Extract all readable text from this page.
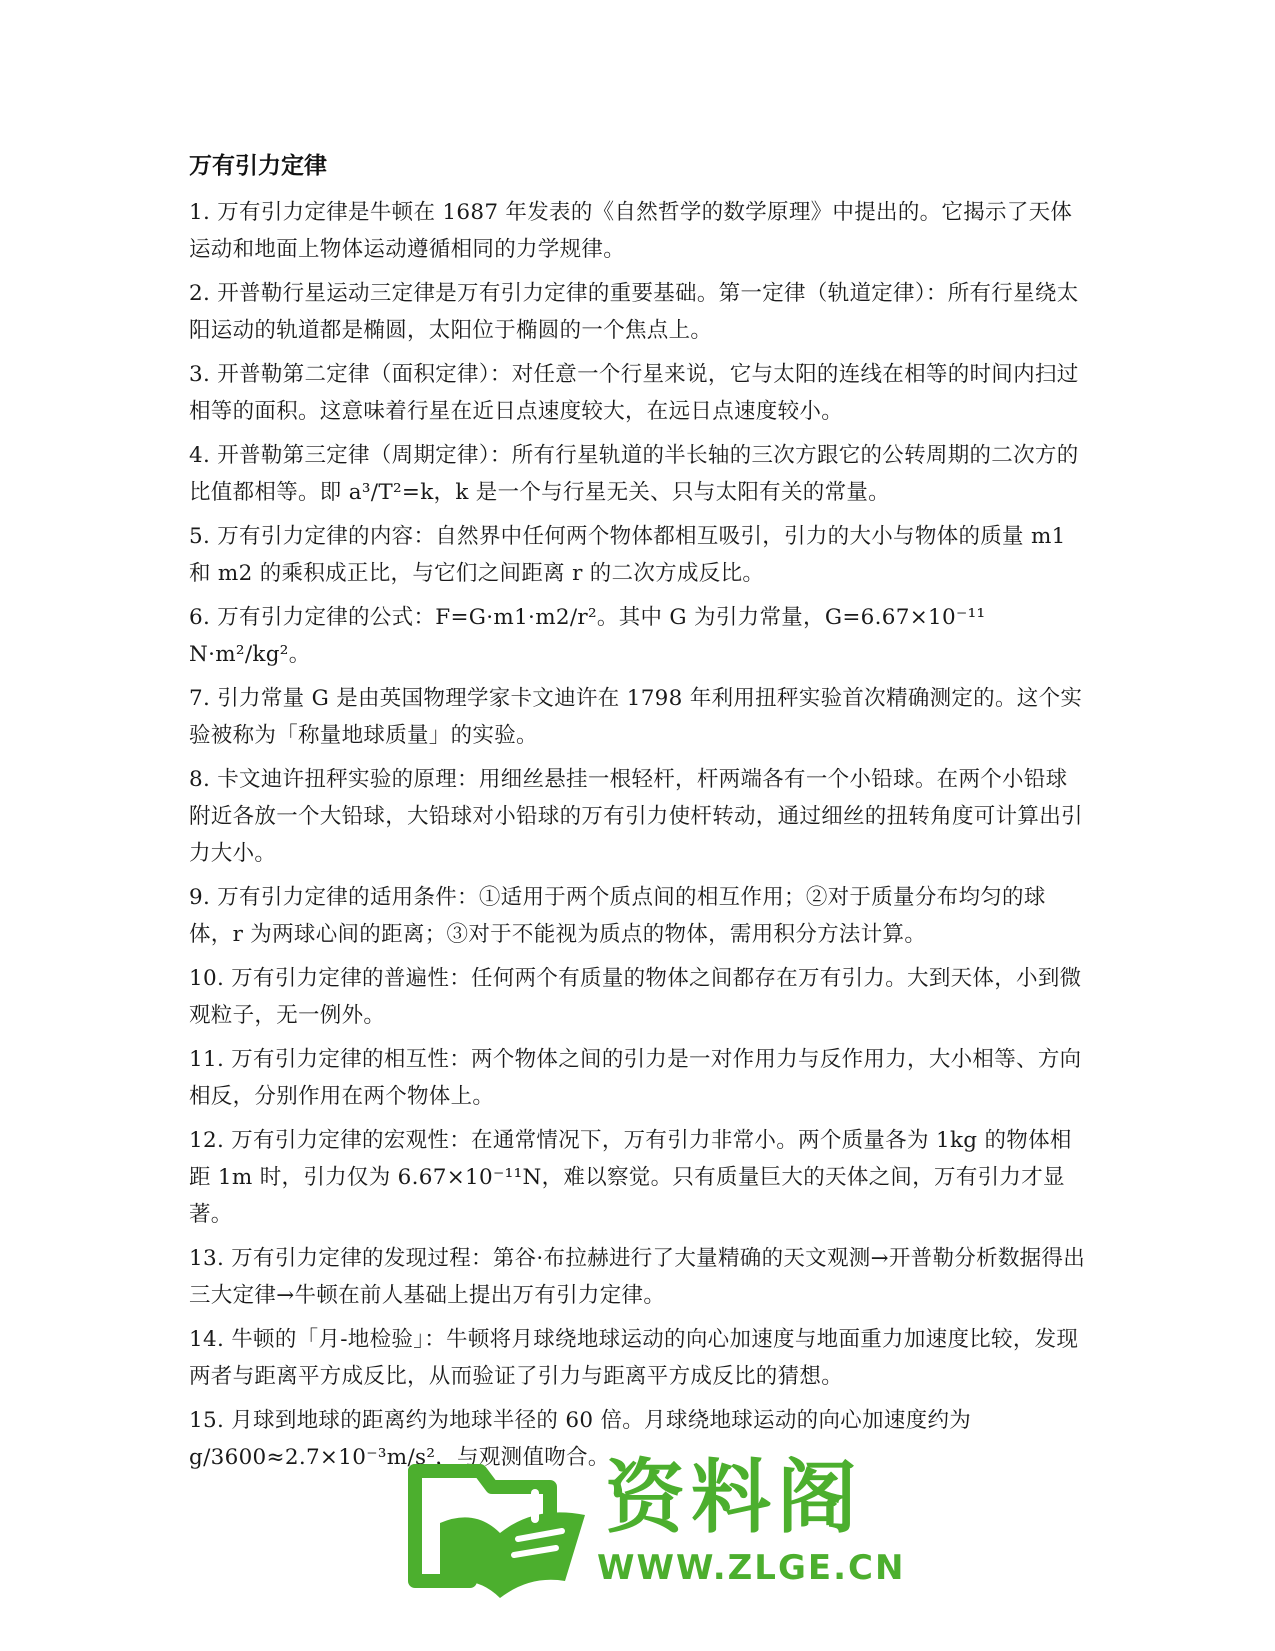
万有引力定律
1. 万有引力定律是牛顿在 1687 年发表的《自然哲学的数学原理》中提出的。它揭示了天体运动和地面上物体运动遵循相同的力学规律。
2. 开普勒行星运动三定律是万有引力定律的重要基础。第一定律（轨道定律）：所有行星绕太阳运动的轨道都是椭圆，太阳位于椭圆的一个焦点上。
3. 开普勒第二定律（面积定律）：对任意一个行星来说，它与太阳的连线在相等的时间内扫过相等的面积。这意味着行星在近日点速度较大，在远日点速度较小。
4. 开普勒第三定律（周期定律）：所有行星轨道的半长轴的三次方跟它的公转周期的二次方的比值都相等。即 a³/T²=k，k 是一个与行星无关、只与太阳有关的常量。
5. 万有引力定律的内容：自然界中任何两个物体都相互吸引，引力的大小与物体的质量 m1 和 m2 的乘积成正比，与它们之间距离 r 的二次方成反比。
6. 万有引力定律的公式：F=G·m1·m2/r²。其中 G 为引力常量，G=6.67×10⁻¹¹ N·m²/kg²。
7. 引力常量 G 是由英国物理学家卡文迪许在 1798 年利用扭秤实验首次精确测定的。这个实验被称为「称量地球质量」的实验。
8. 卡文迪许扭秤实验的原理：用细丝悬挂一根轻杆，杆两端各有一个小铅球。在两个小铅球附近各放一个大铅球，大铅球对小铅球的万有引力使杆转动，通过细丝的扭转角度可计算出引力大小。
9. 万有引力定律的适用条件：①适用于两个质点间的相互作用；②对于质量分布均匀的球体，r 为两球心间的距离；③对于不能视为质点的物体，需用积分方法计算。
10. 万有引力定律的普遍性：任何两个有质量的物体之间都存在万有引力。大到天体，小到微观粒子，无一例外。
11. 万有引力定律的相互性：两个物体之间的引力是一对作用力与反作用力，大小相等、方向相反，分别作用在两个物体上。
12. 万有引力定律的宏观性：在通常情况下，万有引力非常小。两个质量各为 1kg 的物体相距 1m 时，引力仅为 6.67×10⁻¹¹N，难以察觉。只有质量巨大的天体之间，万有引力才显著。
13. 万有引力定律的发现过程：第谷·布拉赫进行了大量精确的天文观测→开普勒分析数据得出三大定律→牛顿在前人基础上提出万有引力定律。
14. 牛顿的「月-地检验」：牛顿将月球绕地球运动的向心加速度与地面重力加速度比较，发现两者与距离平方成反比，从而验证了引力与距离平方成反比的猜想。
15. 月球到地球的距离约为地球半径的 60 倍。月球绕地球运动的向心加速度约为 g/3600≈2.7×10⁻³m/s²，与观测值吻合。
资料阁
WWW.ZLGE.CN
